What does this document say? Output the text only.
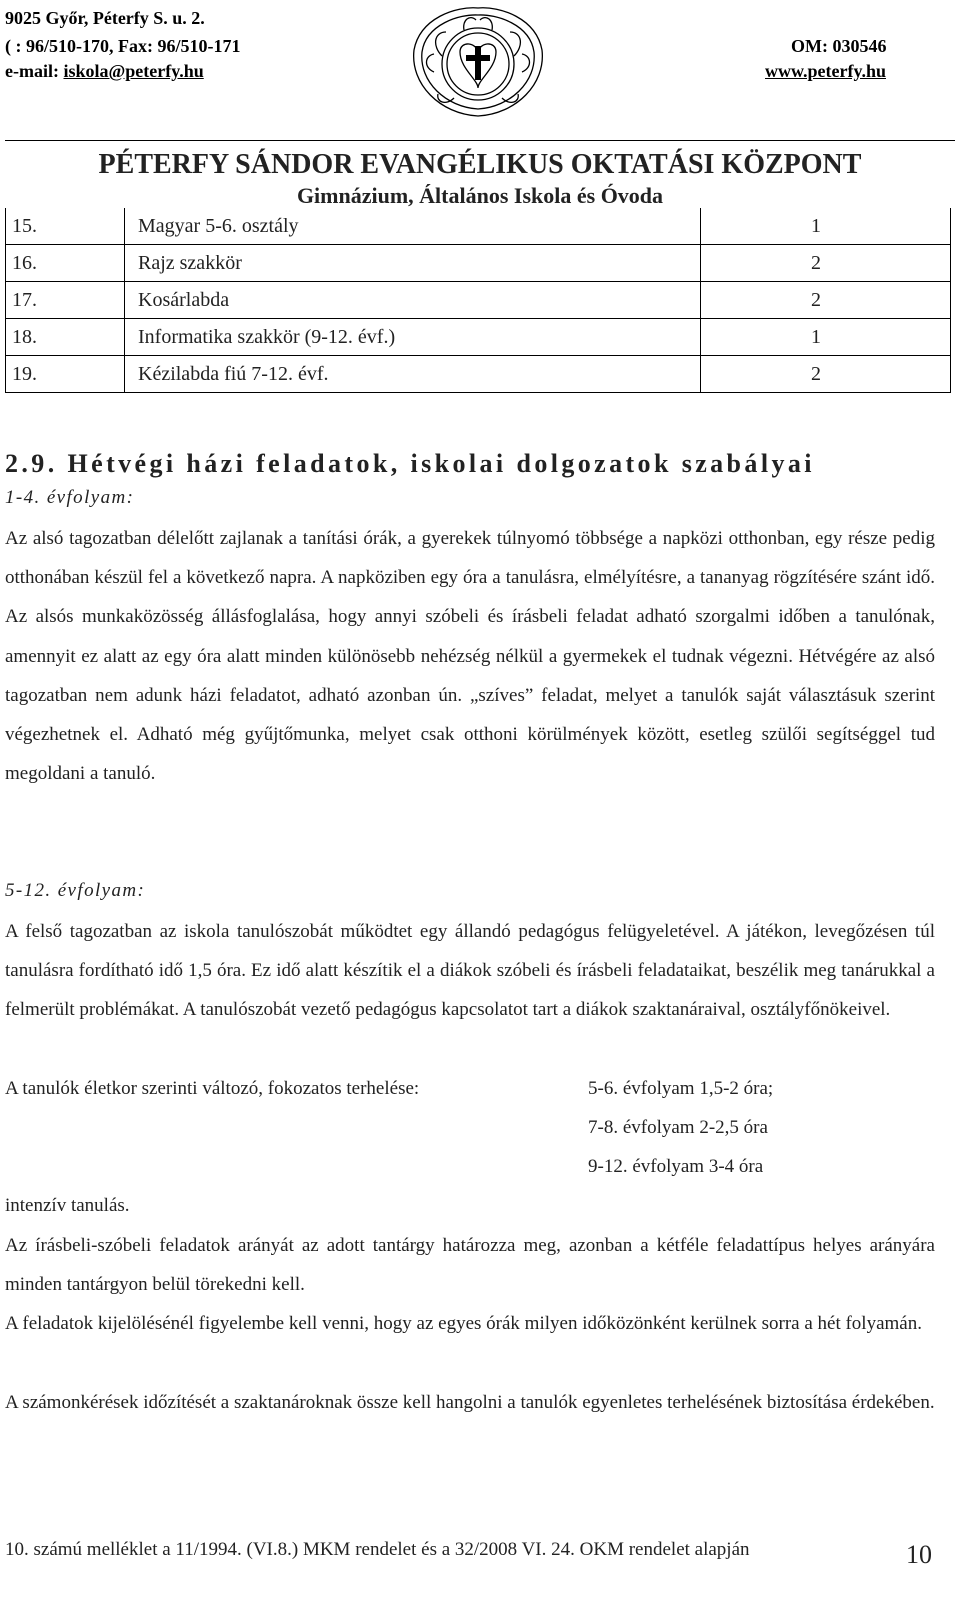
9025 Győr, Péterfy S. u. 2.
( : 96/510-170, Fax: 96/510-171
e-mail: iskola@peterfy.hu
OM: 030546
www.peterfy.hu
PÉTERFY SÁNDOR EVANGÉLIKUS OKTATÁSI KÖZPONT
Gimnázium, Általános Iskola és Óvoda
15.	Magyar 5-6. osztály	1
16.	Rajz szakkör	2
17.	Kosárlabda	2
18.	Informatika szakkör (9-12. évf.)	1
19.	Kézilabda fiú 7-12. évf.	2
2.9. Hétvégi házi feladatok, iskolai dolgozatok szabályai
1-4. évfolyam:

Az alsó tagozatban délelőtt zajlanak a tanítási órák, a gyerekek túlnyomó többsége a napközi otthonban, egy része pedig otthonában készül fel a következő napra. A napköziben egy óra a tanulásra, elmélyítésre, a tananyag rögzítésére szánt idő. Az alsós munkaközösség állásfoglalása, hogy annyi szóbeli és írásbeli feladat adható szorgalmi időben a tanulónak, amennyit ez alatt az egy óra alatt minden különösebb nehézség nélkül a gyermekek el tudnak végezni. Hétvégére az alsó tagozatban nem adunk házi feladatot, adható azonban ún. „szíves” feladat, melyet a tanulók saját választásuk szerint végezhetnek el. Adható még gyűjtőmunka, melyet csak otthoni körülmények között, esetleg szülői segítséggel tud megoldani a tanuló.

5-12. évfolyam:

A felső tagozatban az iskola tanulószobát működtet egy állandó pedagógus felügyeletével. A játékon, levegőzésen túl tanulásra fordítható idő 1,5 óra. Ez idő alatt készítik el a diákok szóbeli és írásbeli feladataikat, beszélik meg tanárukkal a felmerült problémákat. A tanulószobát vezető pedagógus kapcsolatot tart a diákok szaktanáraival, osztályfőnökeivel.

A tanulók életkor szerinti változó, fokozatos terhelése:	5-6. évfolyam 1,5-2 óra;
7-8. évfolyam 2-2,5 óra
9-12. évfolyam 3-4 óra
intenzív tanulás.

Az írásbeli-szóbeli feladatok arányát az adott tantárgy határozza meg, azonban a kétféle feladattípus helyes arányára minden tantárgyon belül törekedni kell.

A feladatok kijelölésénél figyelembe kell venni, hogy az egyes órák milyen időközönként kerülnek sorra a hét folyamán.

A számonkérések időzítését a szaktanároknak össze kell hangolni a tanulók egyenletes terhelésének biztosítása érdekében.

10. számú melléklet a 11/1994. (VI.8.) MKM rendelet és a 32/2008 VI. 24. OKM rendelet alapján	10
